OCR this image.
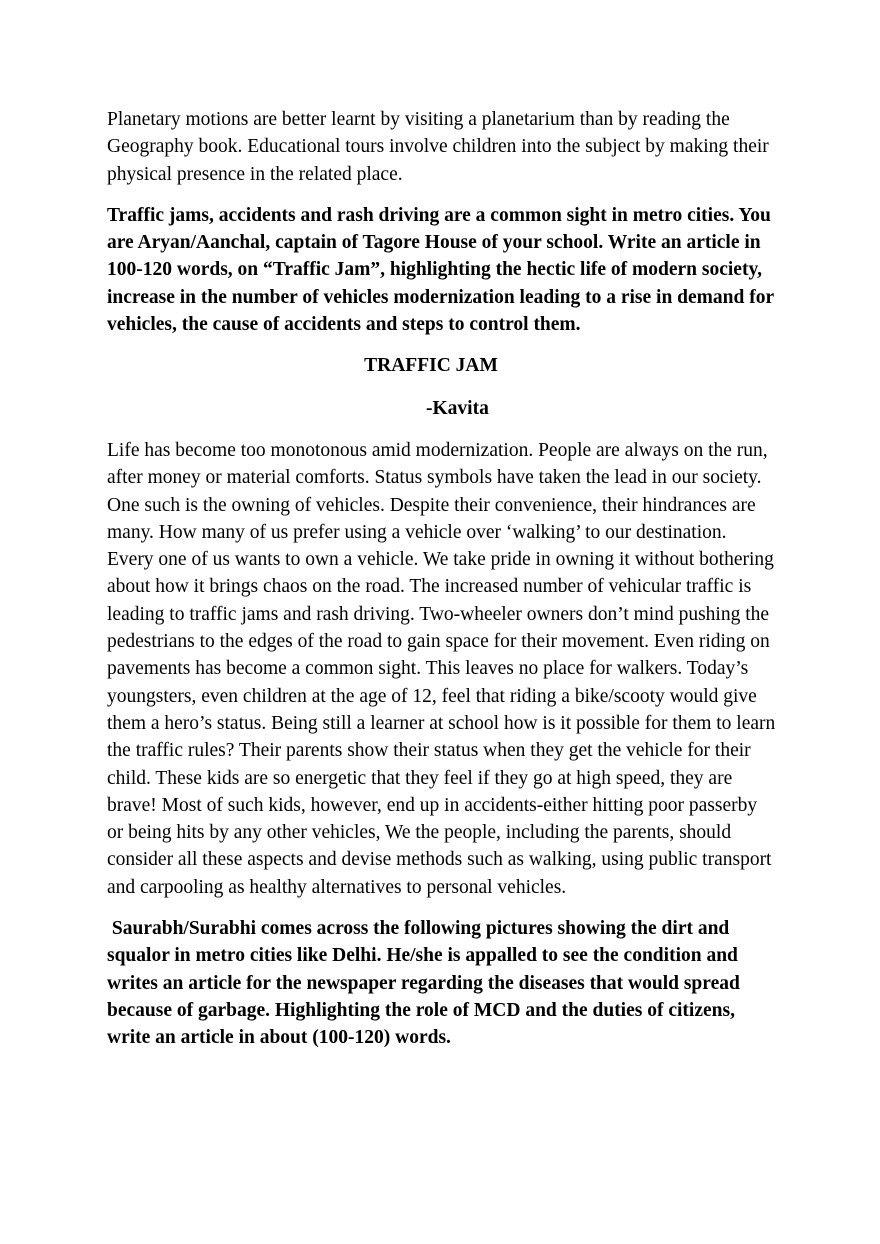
Planetary motions are better learnt by visiting a planetarium than by reading the Geography book. Educational tours involve children into the subject by making their physical presence in the related place.

Traffic jams, accidents and rash driving are a common sight in metro cities. You are Aryan/Aanchal, captain of Tagore House of your school. Write an article in 100-120 words, on “Traffic Jam”, highlighting the hectic life of modern society, increase in the number of vehicles modernization leading to a rise in demand for vehicles, the cause of accidents and steps to control them.

TRAFFIC JAM

-Kavita

Life has become too monotonous amid modernization. People are always on the run, after money or material comforts. Status symbols have taken the lead in our society. One such is the owning of vehicles. Despite their convenience, their hindrances are many. How many of us prefer using a vehicle over ‘walking’ to our destination. Every one of us wants to own a vehicle. We take pride in owning it without bothering about how it brings chaos on the road. The increased number of vehicular traffic is leading to traffic jams and rash driving. Two-wheeler owners don’t mind pushing the pedestrians to the edges of the road to gain space for their movement. Even riding on pavements has become a common sight. This leaves no place for walkers. Today’s youngsters, even children at the age of 12, feel that riding a bike/scooty would give them a hero’s status. Being still a learner at school how is it possible for them to learn the traffic rules? Their parents show their status when they get the vehicle for their child. These kids are so energetic that they feel if they go at high speed, they are brave! Most of such kids, however, end up in accidents-either hitting poor passerby or being hits by any other vehicles, We the people, including the parents, should consider all these aspects and devise methods such as walking, using public transport and carpooling as healthy alternatives to personal vehicles.

Saurabh/Surabhi comes across the following pictures showing the dirt and squalor in metro cities like Delhi. He/she is appalled to see the condition and writes an article for the newspaper regarding the diseases that would spread because of garbage. Highlighting the role of MCD and the duties of citizens, write an article in about (100-120) words.
